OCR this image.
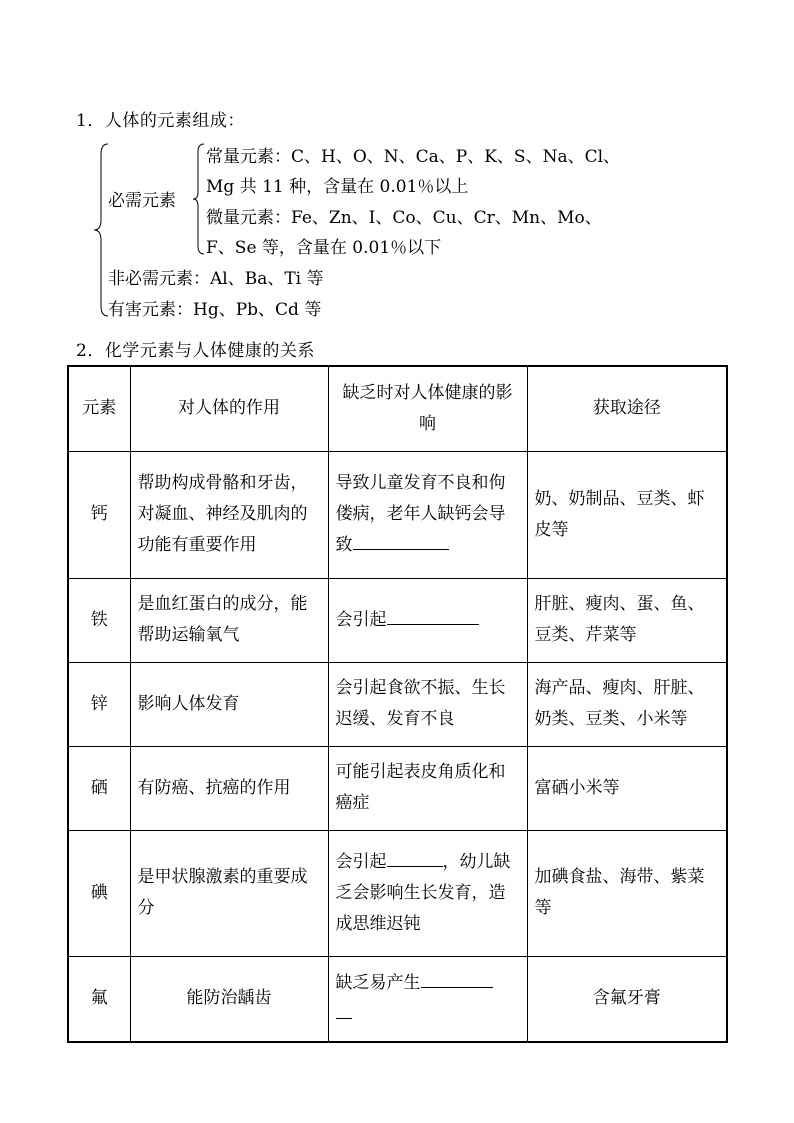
1．人体的元素组成：
必需元素
常量元素：C、H、O、N、Ca、P、K、S、Na、Cl、
Mg 共 11 种，含量在 0.01％以上
微量元素：Fe、Zn、I、Co、Cu、Cr、Mn、Mo、
F、Se 等，含量在 0.01％以下
非必需元素：Al、Ba、Ti 等
有害元素：Hg、Pb、Cd 等
2．化学元素与人体健康的关系
元素	对人体的作用	缺乏时对人体健康的影响	获取途径
钙	帮助构成骨骼和牙齿，对凝血、神经及肌肉的功能有重要作用	导致儿童发育不良和佝偻病，老年人缺钙会导致	奶、奶制品、豆类、虾皮等
铁	是血红蛋白的成分，能帮助运输氧气	会引起	肝脏、瘦肉、蛋、鱼、豆类、芹菜等
锌	影响人体发育	会引起食欲不振、生长迟缓、发育不良	海产品、瘦肉、肝脏、奶类、豆类、小米等
硒	有防癌、抗癌的作用	可能引起表皮角质化和癌症	富硒小米等
碘	是甲状腺激素的重要成分	会引起 ，幼儿缺乏会影响生长发育，造成思维迟钝	加碘食盐、海带、紫菜等
氟	能防治龋齿	缺乏易产生	含氟牙膏
